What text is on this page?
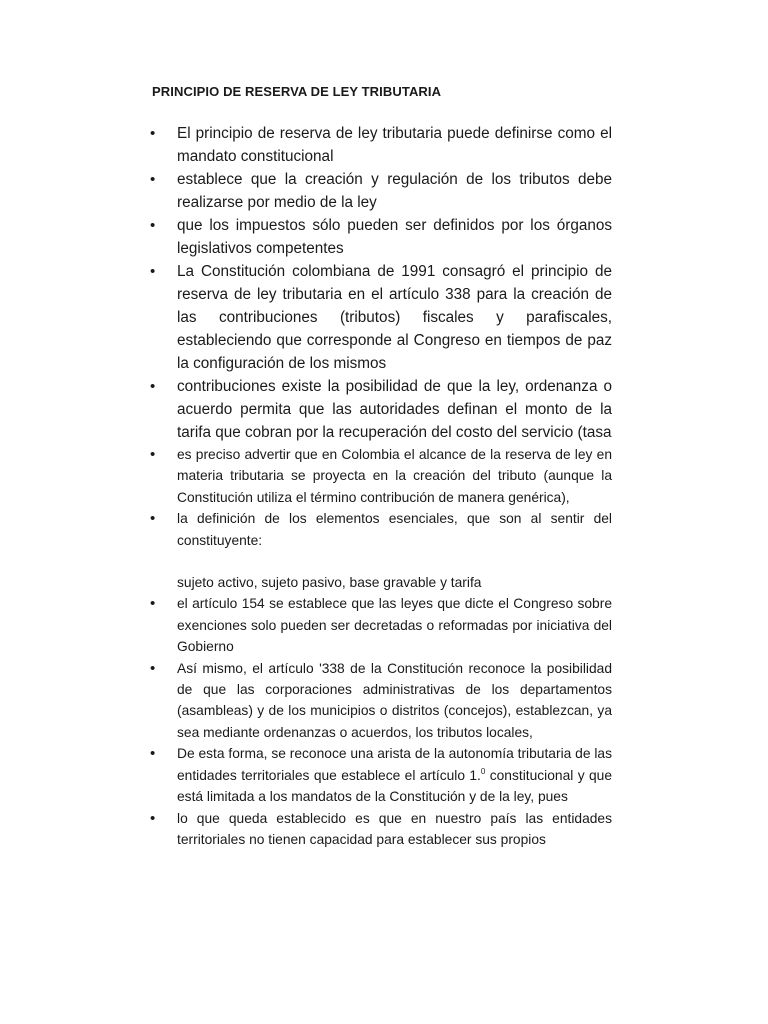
PRINCIPIO DE RESERVA DE LEY TRIBUTARIA
• El principio de reserva de ley tributaria puede definirse como el mandato constitucional
• establece que la creación y regulación de los tributos debe realizarse por medio de la ley
• que los impuestos sólo pueden ser definidos por los órganos legislativos competentes
• La Constitución colombiana de 1991 consagró el principio de reserva de ley tributaria en el artículo 338 para la creación de las contribuciones (tributos) fiscales y parafiscales, estableciendo que corresponde al Congreso en tiempos de paz la configuración de los mismos
• contribuciones existe la posibilidad de que la ley, ordenanza o acuerdo permita que las autoridades definan el monto de la tarifa que cobran por la recuperación del costo del servicio (tasa
• es preciso advertir que en Colombia el alcance de la reserva de ley en materia tributaria se proyecta en la creación del tributo (aunque la Constitución utiliza el término contribución de manera genérica),
• la definición de los elementos esenciales, que son al sentir del constituyente:
sujeto activo, sujeto pasivo, base gravable y tarifa
• el artículo 154 se establece que las leyes que dicte el Congreso sobre exenciones solo pueden ser decretadas o reformadas por iniciativa del Gobierno
• Así mismo, el artículo '338 de la Constitución reconoce la posibilidad de que las corporaciones administrativas de los departamentos (asambleas) y de los municipios o distritos (concejos), establezcan, ya sea mediante ordenanzas o acuerdos, los tributos locales,
• De esta forma, se reconoce una arista de la autonomía tributaria de las entidades territoriales que establece el artículo 1.$^0$ constitucional y que está limitada a los mandatos de la Constitución y de la ley, pues
• lo que queda establecido es que en nuestro país las entidades territoriales no tienen capacidad para establecer sus propios
